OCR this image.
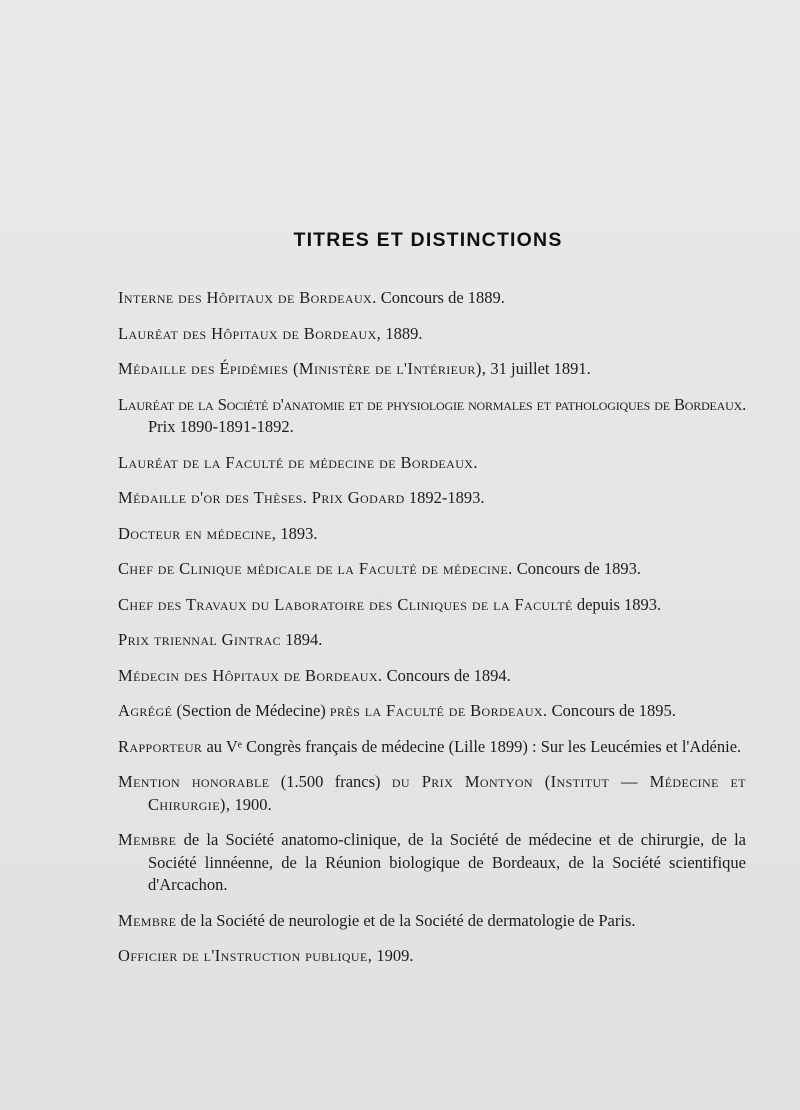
TITRES ET DISTINCTIONS
Interne des Hôpitaux de Bordeaux. Concours de 1889.
Lauréat des Hôpitaux de Bordeaux, 1889.
Médaille des Épidémies (Ministère de l'Intérieur), 31 juillet 1891.
Lauréat de la Société d'anatomie et de physiologie normales et pathologiques de Bordeaux. Prix 1890-1891-1892.
Lauréat de la Faculté de médecine de Bordeaux.
Médaille d'or des Thèses. Prix Godard 1892-1893.
Docteur en médecine, 1893.
Chef de Clinique médicale de la Faculté de médecine. Concours de 1893.
Chef des Travaux du Laboratoire des Cliniques de la Faculté depuis 1893.
Prix triennal Gintrac 1894.
Médecin des Hôpitaux de Bordeaux. Concours de 1894.
Agrégé (Section de Médecine) près la Faculté de Bordeaux. Concours de 1895.
Rapporteur au Vᵉ Congrès français de médecine (Lille 1899) : Sur les Leucémies et l'Adénie.
Mention honorable (1.500 francs) du Prix Montyon (Institut — Médecine et Chirurgie), 1900.
Membre de la Société anatomo-clinique, de la Société de médecine et de chirurgie, de la Société linnéenne, de la Réunion biologique de Bordeaux, de la Société scientifique d'Arcachon.
Membre de la Société de neurologie et de la Société de dermatologie de Paris.
Officier de l'Instruction publique, 1909.
